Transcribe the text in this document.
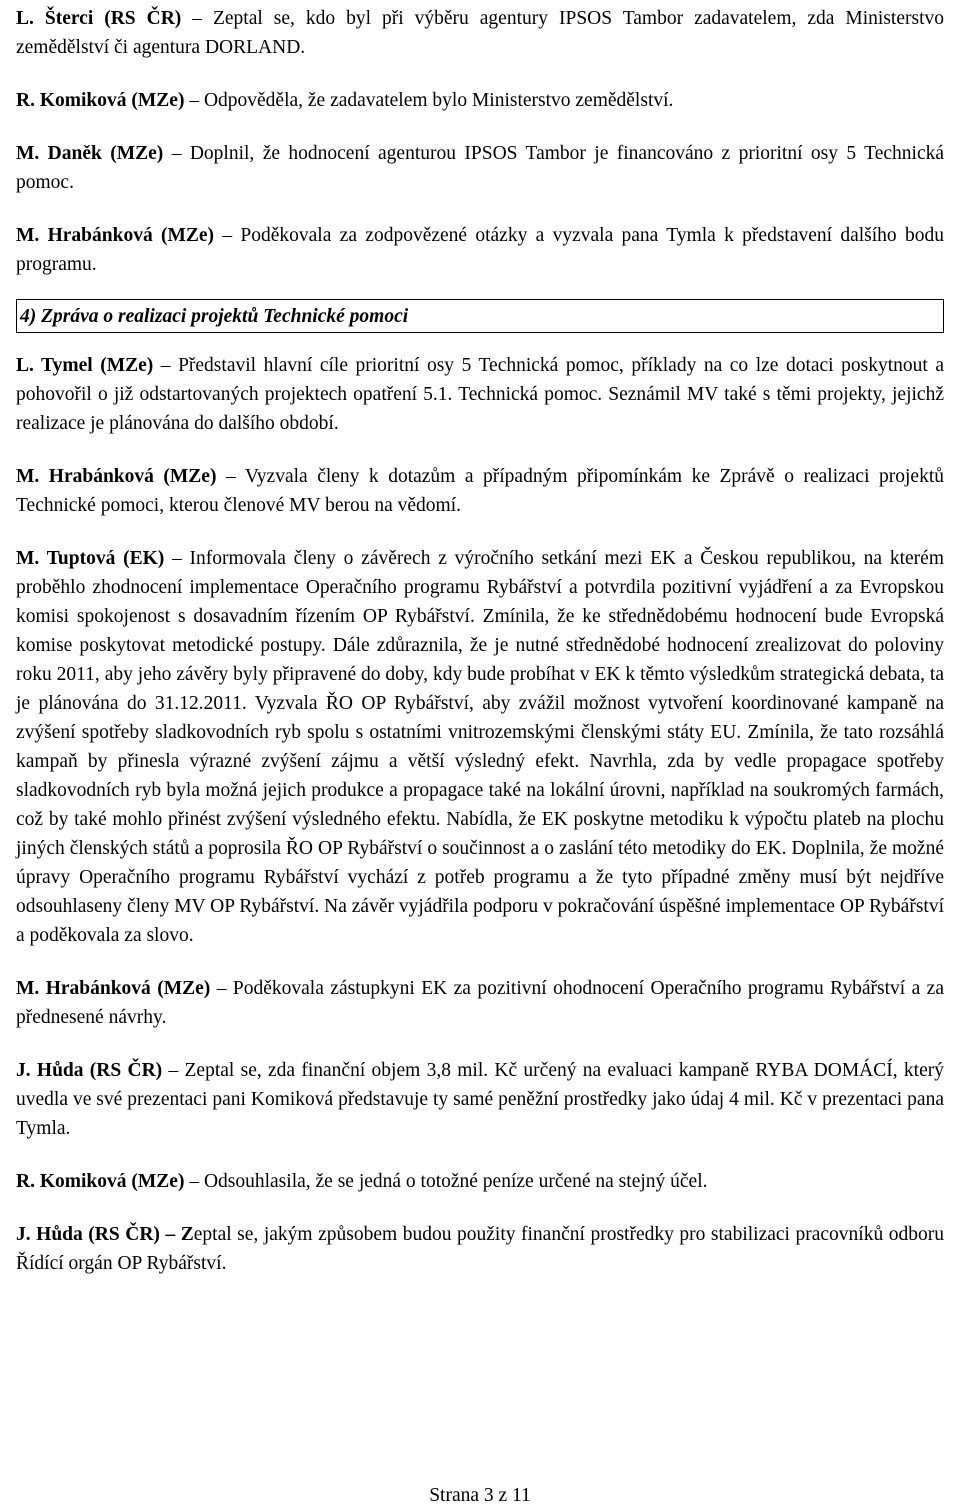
L. Šterci (RS ČR) – Zeptal se, kdo byl při výběru agentury IPSOS Tambor zadavatelem, zda Ministerstvo zemědělství či agentura DORLAND.

R. Komiková (MZe) – Odpověděla, že zadavatelem bylo Ministerstvo zemědělství.

M. Daněk (MZe) – Doplnil, že hodnocení agenturou IPSOS Tambor je financováno z prioritní osy 5 Technická pomoc.

M. Hrabánková (MZe) – Poděkovala za zodpovězené otázky a vyzvala pana Tymla k představení dalšího bodu programu.

4) Zpráva o realizaci projektů Technické pomoci

L. Tymel (MZe) – Představil hlavní cíle prioritní osy 5 Technická pomoc, příklady na co lze dotaci poskytnout a pohovořil o již odstartovaných projektech opatření 5.1. Technická pomoc. Seznámil MV také s těmi projekty, jejichž realizace je plánována do dalšího období.

M. Hrabánková (MZe) – Vyzvala členy k dotazům a případným připomínkám ke Zprávě o realizaci projektů Technické pomoci, kterou členové MV berou na vědomí.

M. Tuptová (EK) – Informovala členy o závěrech z výročního setkání mezi EK a Českou republikou, na kterém proběhlo zhodnocení implementace Operačního programu Rybářství a potvrdila pozitivní vyjádření a za Evropskou komisi spokojenost s dosavadním řízením OP Rybářství. Zmínila, že ke střednědobému hodnocení bude Evropská komise poskytovat metodické postupy. Dále zdůraznila, že je nutné střednědobé hodnocení zrealizovat do poloviny roku 2011, aby jeho závěry byly připravené do doby, kdy bude probíhat v EK k těmto výsledkům strategická debata, ta je plánována do 31.12.2011. Vyzvala ŘO OP Rybářství, aby zvážil možnost vytvoření koordinované kampaně na zvýšení spotřeby sladkovodních ryb spolu s ostatními vnitrozemskými členskými státy EU. Zmínila, že tato rozsáhlá kampaň by přinesla výrazné zvýšení zájmu a větší výsledný efekt. Navrhla, zda by vedle propagace spotřeby sladkovodních ryb byla možná jejich produkce a propagace také na lokální úrovni, například na soukromých farmách, což by také mohlo přinést zvýšení výsledného efektu. Nabídla, že EK poskytne metodiku k výpočtu plateb na plochu jiných členských států a poprosila ŘO OP Rybářství o součinnost a o zaslání této metodiky do EK. Doplnila, že možné úpravy Operačního programu Rybářství vychází z potřeb programu a že tyto případné změny musí být nejdříve odsouhlaseny členy MV OP Rybářství. Na závěr vyjádřila podporu v pokračování úspěšné implementace OP Rybářství a poděkovala za slovo.

M. Hrabánková (MZe) – Poděkovala zástupkyni EK za pozitivní ohodnocení Operačního programu Rybářství a za přednesené návrhy.

J. Hůda (RS ČR) – Zeptal se, zda finanční objem 3,8 mil. Kč určený na evaluaci kampaně RYBA DOMÁCÍ, který uvedla ve své prezentaci pani Komiková představuje ty samé peněžní prostředky jako údaj 4 mil. Kč v prezentaci pana Tymla.

R. Komiková (MZe) – Odsouhlasila, že se jedná o totožné peníze určené na stejný účel.

J. Hůda (RS ČR) – Zeptal se, jakým způsobem budou použity finanční prostředky pro stabilizaci pracovníků odboru Řídící orgán OP Rybářství.

Strana 3 z 11
